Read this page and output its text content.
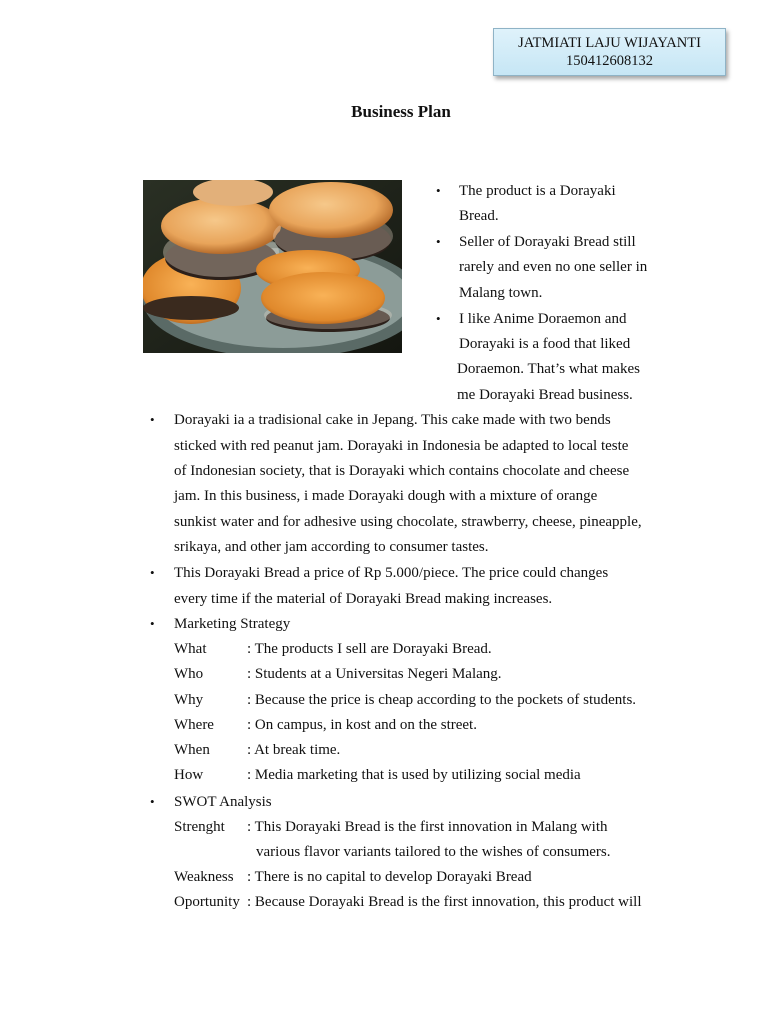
JATMIATI LAJU WIJAYANTI
150412608132
Business Plan
• The product is a Dorayaki
Bread.
• Seller of Dorayaki Bread still
rarely and even no one seller in
Malang town.
• I like Anime Doraemon and
Dorayaki is a food that liked
Doraemon. That’s what makes
me Dorayaki Bread business.
• Dorayaki ia a tradisional cake in Jepang. This cake made with two bends
sticked with red peanut jam. Dorayaki in Indonesia be adapted to local teste
of Indonesian society, that is Dorayaki which contains chocolate and cheese
jam. In this business, i made Dorayaki dough with a mixture of orange
sunkist water and for adhesive using chocolate, strawberry, cheese, pineapple,
srikaya, and other jam according to consumer tastes.
• This Dorayaki Bread a price of Rp 5.000/piece. The price could changes
every time if the material of Dorayaki Bread making increases.
• Marketing Strategy
What	: The products I sell are Dorayaki Bread.
Who	: Students at a Universitas Negeri Malang.
Why	: Because the price is cheap according to the pockets of students.
Where : On campus, in kost and on the street.
When : At break time.
How	: Media marketing that is used by utilizing social media
• SWOT Analysis
Strenght : This Dorayaki Bread is the first innovation in Malang with
various flavor variants tailored to the wishes of consumers.
Weakness : There is no capital to develop Dorayaki Bread
Oportunity : Because Dorayaki Bread is the first innovation, this product will
